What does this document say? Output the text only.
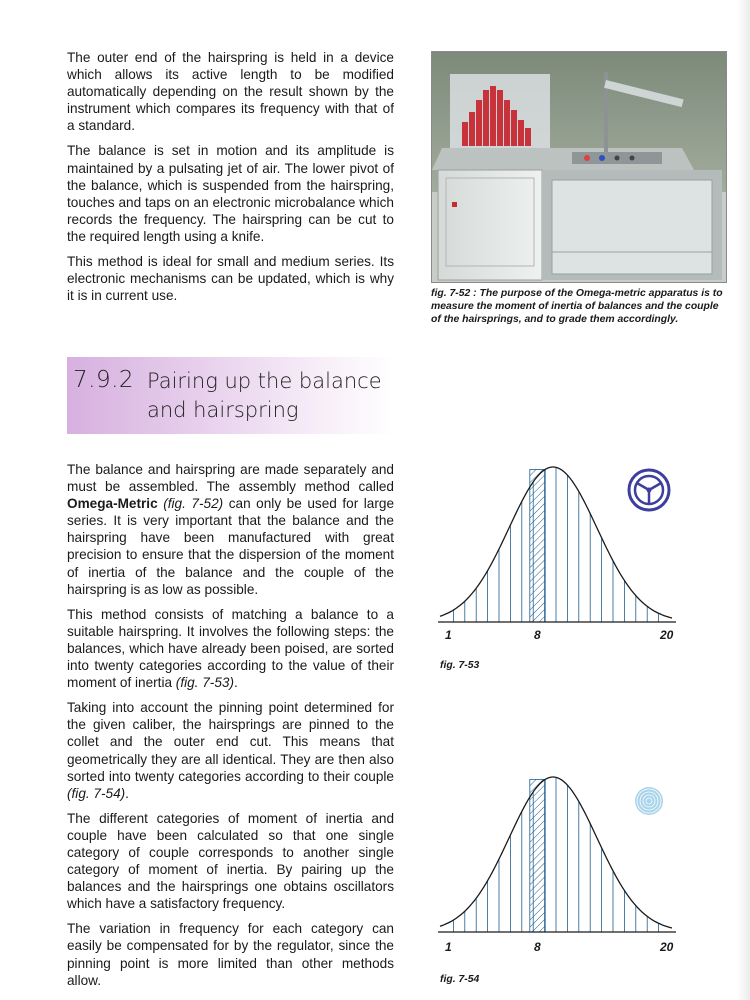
The outer end of the hairspring is held in a device which allows its active length to be modified automatically depending on the result shown by the instrument which compares its frequency with that of a standard.

The balance is set in motion and its amplitude is maintained by a pulsating jet of air. The lower pivot of the balance, which is suspended from the hairspring, touches and taps on an electronic microbalance which records the frequency. The hairspring can be cut to the required length using a knife.

This method is ideal for small and medium series. Its electronic mechanisms can be updated, which is why it is in current use.	fig. 7-52 : The purpose of the Omega-metric apparatus is to measure the moment of inertia of balances and the couple of the hairsprings, and to grade them accordingly.
7.9.2 Pairing up the balance
and hairspring

The balance and hairspring are made separately and must be assembled. The assembly method called Omega-Metric (fig. 7-52) can only be used for large series. It is very important that the balance and the hairspring have been manufactured with great precision to ensure that the dispersion of the moment of inertia of the balance and the couple of the hairspring is as low as possible.

This method consists of matching a balance to a suitable hairspring. It involves the following steps: the balances, which have already been poised, are sorted into twenty categories according to the value of their moment of inertia (fig. 7-53).

Taking into account the pinning point determined for the given caliber, the hairsprings are pinned to the collet and the outer end cut. This means that geometrically they are all identical. They are then also sorted into twenty categories according to their couple (fig. 7-54).

The different categories of moment of inertia and couple have been calculated so that one single category of couple corresponds to another single category of moment of inertia. By pairing up the balances and the hairsprings one obtains oscillators which have a satisfactory frequency.

The variation in frequency for each category can easily be compensated for by the regulator, since the pinning point is more limited than other methods allow.

1	8	20
fig. 7-53
1	8	20
fig. 7-54
